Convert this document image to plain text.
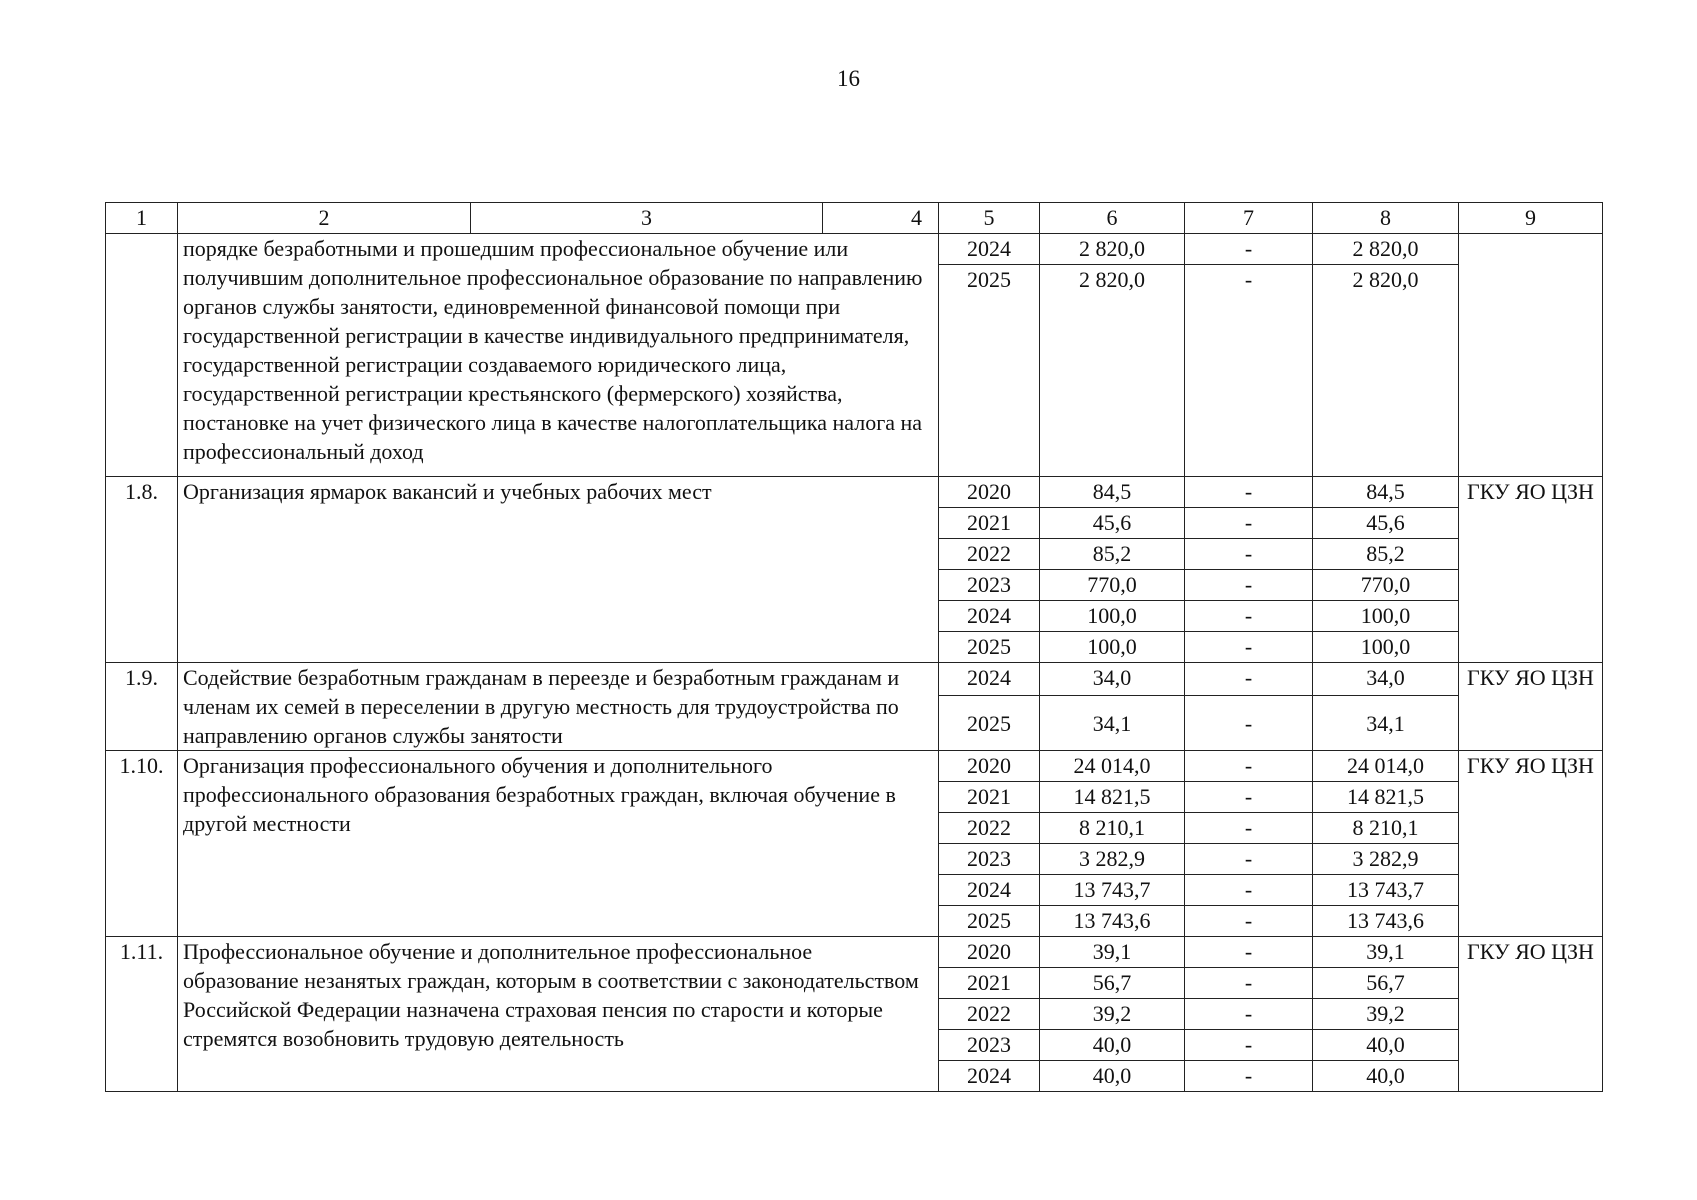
16
1	2	3	4	5	6	7	8	9
	порядке безработными и прошедшим профессиональное обучение или получившим дополнительное профессиональное образование по направлению органов службы занятости, единовременной финансовой помощи при государственной регистрации в качестве индивидуального предпринимателя, государственной регистрации создаваемого юридического лица, государственной регистрации крестьянского (фермерского) хозяйства, постановке на учет физического лица в качестве налогоплательщика налога на профессиональный доход			2024	2 820,0	-	2 820,0	
				2025	2 820,0	-	2 820,0	
1.8.	Организация ярмарок вакансий и учебных рабочих мест			2020	84,5	-	84,5	ГКУ ЯО ЦЗН
				2021	45,6	-	45,6	
				2022	85,2	-	85,2	
				2023	770,0	-	770,0	
				2024	100,0	-	100,0	
				2025	100,0	-	100,0	
1.9.	Содействие безработным гражданам в переезде и безработным гражданам и членам их семей в переселении в другую местность для трудоустройства по направлению органов службы занятости			2024	34,0	-	34,0	ГКУ ЯО ЦЗН
				2025	34,1	-	34,1	
1.10.	Организация профессионального обучения и дополнительного профессионального образования безработных граждан, включая обучение в другой местности			2020	24 014,0	-	24 014,0	ГКУ ЯО ЦЗН
				2021	14 821,5	-	14 821,5	
				2022	8 210,1	-	8 210,1	
				2023	3 282,9	-	3 282,9	
				2024	13 743,7	-	13 743,7	
				2025	13 743,6	-	13 743,6	
1.11.	Профессиональное обучение и дополнительное профессиональное образование незанятых граждан, которым в соответствии с законодательством Российской Федерации назначена страховая пенсия по старости и которые стремятся возобновить трудовую деятельность			2020	39,1	-	39,1	ГКУ ЯО ЦЗН
				2021	56,7	-	56,7	
				2022	39,2	-	39,2	
				2023	40,0	-	40,0	
				2024	40,0	-	40,0	
